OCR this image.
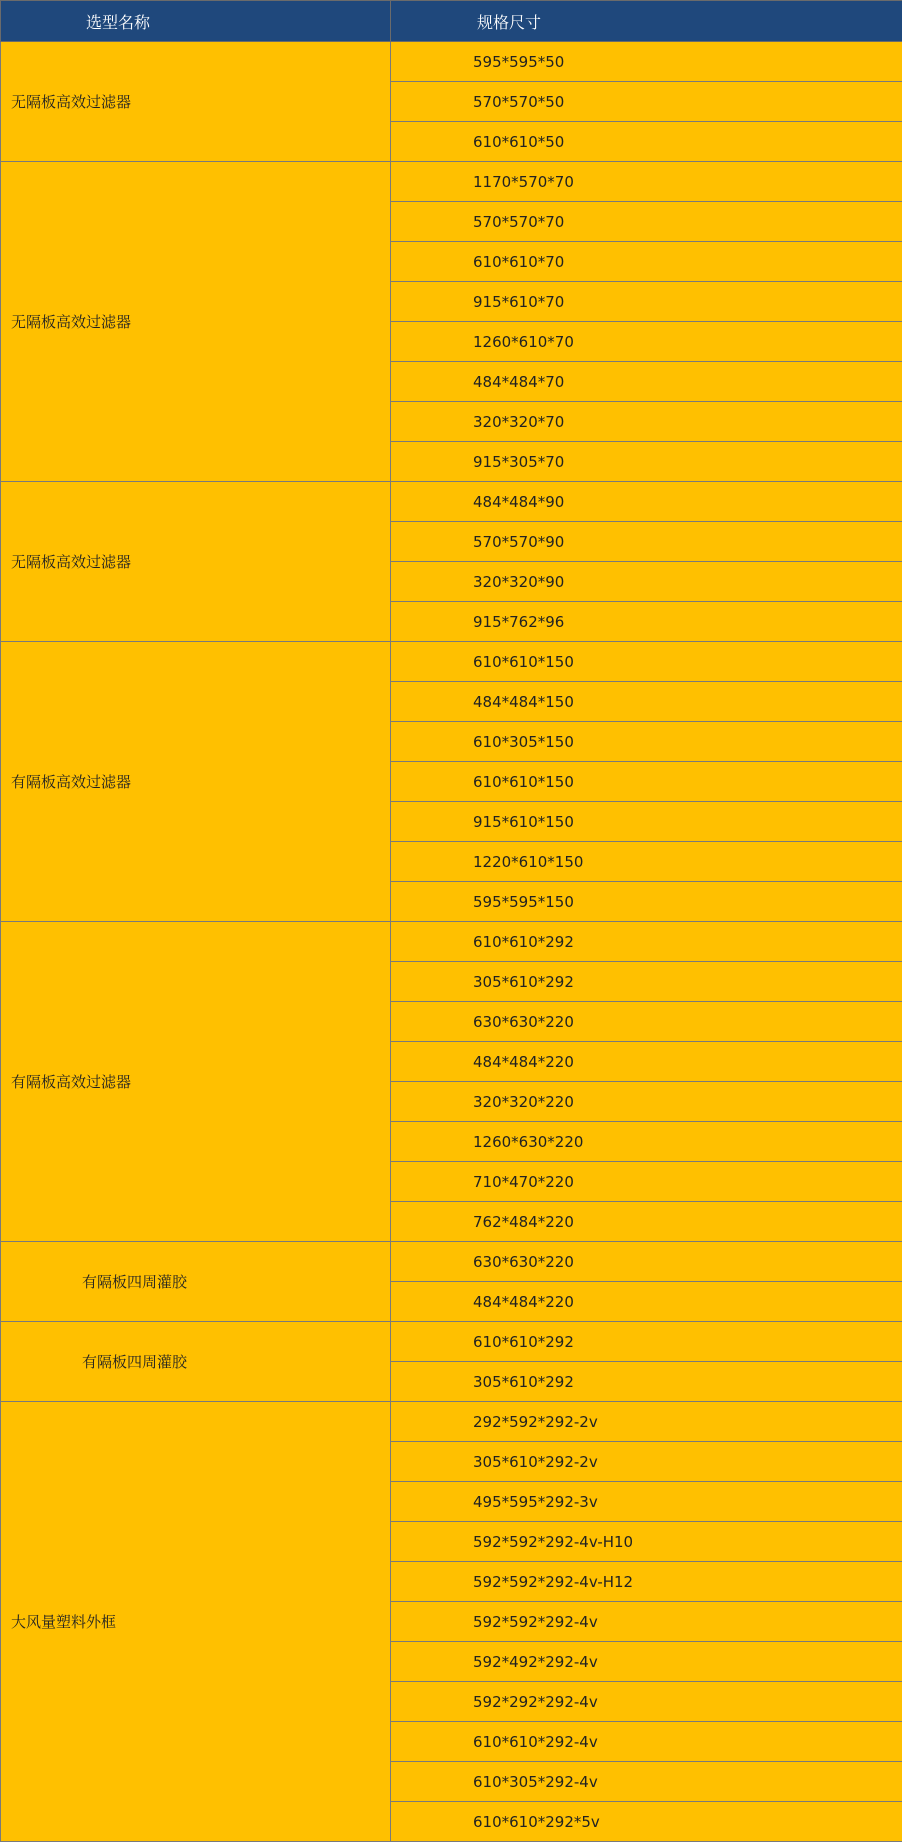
选型名称	规格尺寸
无隔板高效过滤器	595*595*50
	570*570*50
	610*610*50
无隔板高效过滤器	1170*570*70
	570*570*70
	610*610*70
	915*610*70
	1260*610*70
	484*484*70
	320*320*70
	915*305*70
无隔板高效过滤器	484*484*90
	570*570*90
	320*320*90
	915*762*96
有隔板高效过滤器	610*610*150
	484*484*150
	610*305*150
	610*610*150
	915*610*150
	1220*610*150
	595*595*150
有隔板高效过滤器	610*610*292
	305*610*292
	630*630*220
	484*484*220
	320*320*220
	1260*630*220
	710*470*220
	762*484*220
有隔板四周灌胶	630*630*220
	484*484*220
有隔板四周灌胶	610*610*292
	305*610*292
大风量塑料外框	292*592*292-2v
	305*610*292-2v
	495*595*292-3v
	592*592*292-4v-H10
	592*592*292-4v-H12
	592*592*292-4v
	592*492*292-4v
	592*292*292-4v
	610*610*292-4v
	610*305*292-4v
	610*610*292*5v
